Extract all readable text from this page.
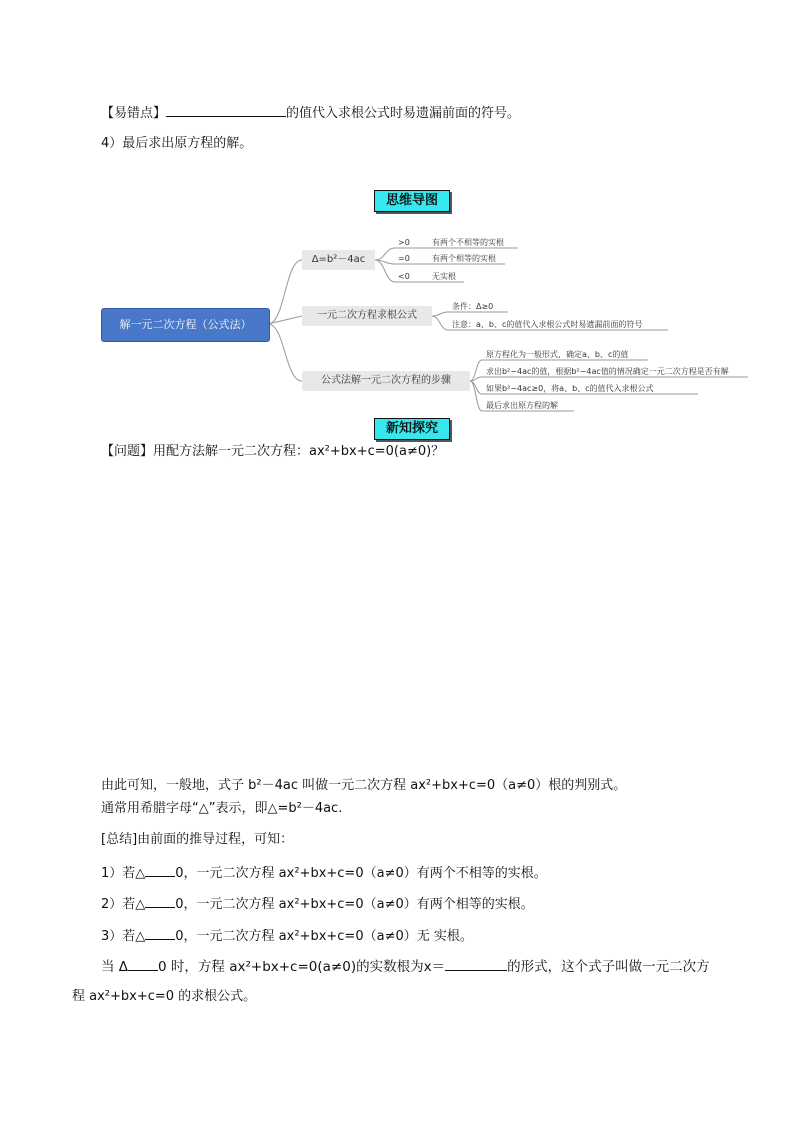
【易错点】	的值代入求根公式时易遗漏前面的符号。
4）最后求出原方程的解。
思维导图
解一元二次方程（公式法）
Δ=b²－4ac
>0	有两个不相等的实根
=0	有两个相等的实根
<0	无实根
一元二次方程求根公式
条件：Δ≥0
注意：a、b、c的值代入求根公式时易遗漏前面的符号
公式法解一元二次方程的步骤
原方程化为一般形式，确定a、b、c的值
求出b²−4ac的值，根据b²−4ac值的情况确定一元二次方程是否有解
如果b²−4ac≥0，将a、b、c的值代入求根公式
最后求出原方程的解
新知探究
【问题】用配方法解一元二次方程：ax²+bx+c=0(a≠0)？
由此可知，一般地，式子 b²－4ac 叫做一元二次方程 ax²+bx+c=0（a≠0）根的判别式。
通常用希腊字母“△”表示，即△=b²－4ac.
[总结]由前面的推导过程，可知：
1）若△ 0，一元二次方程 ax²+bx+c=0（a≠0）有两个不相等的实根。
2）若△ 0，一元二次方程 ax²+bx+c=0（a≠0）有两个相等的实根。
3）若△ 0，一元二次方程 ax²+bx+c=0（a≠0）无 实根。
当 Δ 0 时，方程 ax²+bx+c=0(a≠0)的实数根为x＝	的形式，这个式子叫做一元二次方
程 ax²+bx+c=0 的求根公式。
